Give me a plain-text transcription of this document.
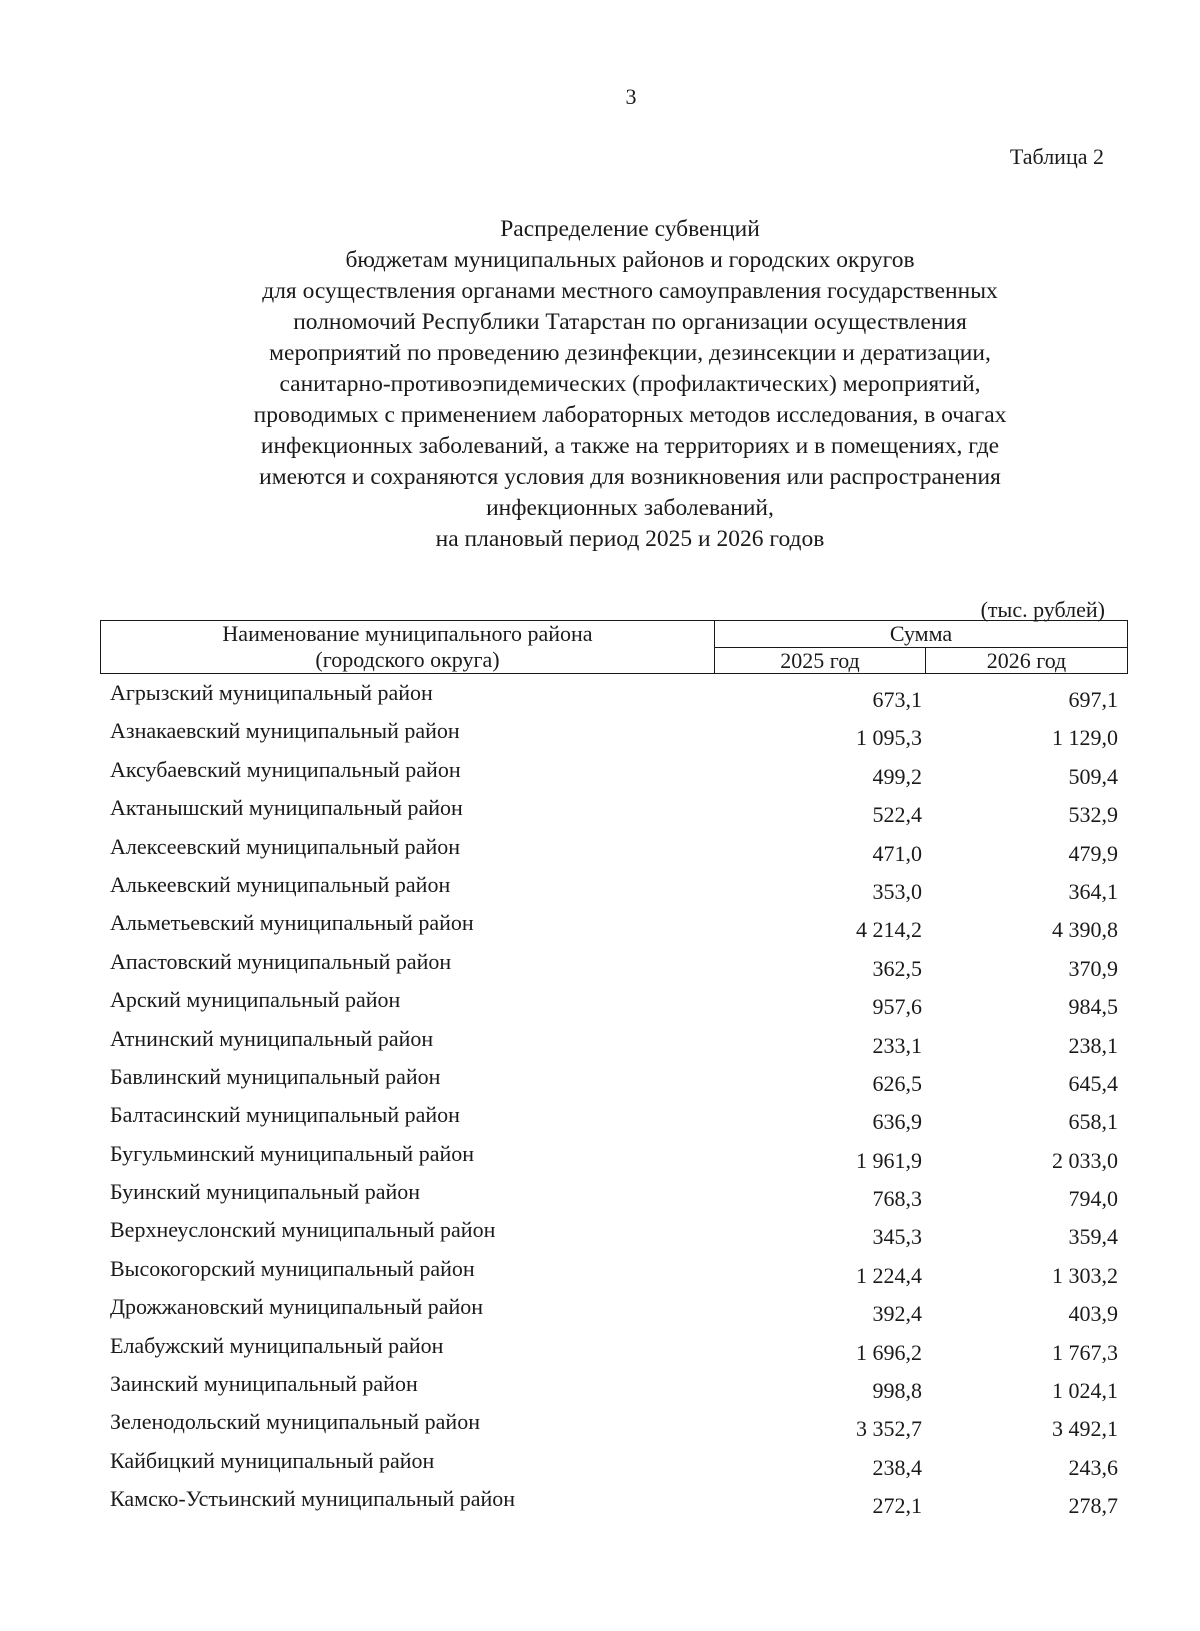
3
Таблица 2
Распределение субвенций
бюджетам муниципальных районов и городских округов
для осуществления органами местного самоуправления государственных
полномочий Республики Татарстан по организации осуществления
мероприятий по проведению дезинфекции, дезинсекции и дератизации,
санитарно-противоэпидемических (профилактических) мероприятий,
проводимых с применением лабораторных методов исследования, в очагах
инфекционных заболеваний, а также на территориях и в помещениях, где
имеются и сохраняются условия для возникновения или распространения
инфекционных заболеваний,
на плановый период 2025 и 2026 годов
(тыс. рублей)
Наименование муниципального района
(городского округа)
Сумма
2025 год	2026 год
Агрызский муниципальный район	673,1	697,1
Азнакаевский муниципальный район	1 095,3	1 129,0
Аксубаевский муниципальный район	499,2	509,4
Актанышский муниципальный район	522,4	532,9
Алексеевский муниципальный район	471,0	479,9
Алькеевский муниципальный район	353,0	364,1
Альметьевский муниципальный район	4 214,2	4 390,8
Апастовский муниципальный район	362,5	370,9
Арский муниципальный район	957,6	984,5
Атнинский муниципальный район	233,1	238,1
Бавлинский муниципальный район	626,5	645,4
Балтасинский муниципальный район	636,9	658,1
Бугульминский муниципальный район	1 961,9	2 033,0
Буинский муниципальный район	768,3	794,0
Верхнеуслонский муниципальный район	345,3	359,4
Высокогорский муниципальный район	1 224,4	1 303,2
Дрожжановский муниципальный район	392,4	403,9
Елабужский муниципальный район	1 696,2	1 767,3
Заинский муниципальный район	998,8	1 024,1
Зеленодольский муниципальный район	3 352,7	3 492,1
Кайбицкий муниципальный район	238,4	243,6
Камско-Устьинский муниципальный район	272,1	278,7
